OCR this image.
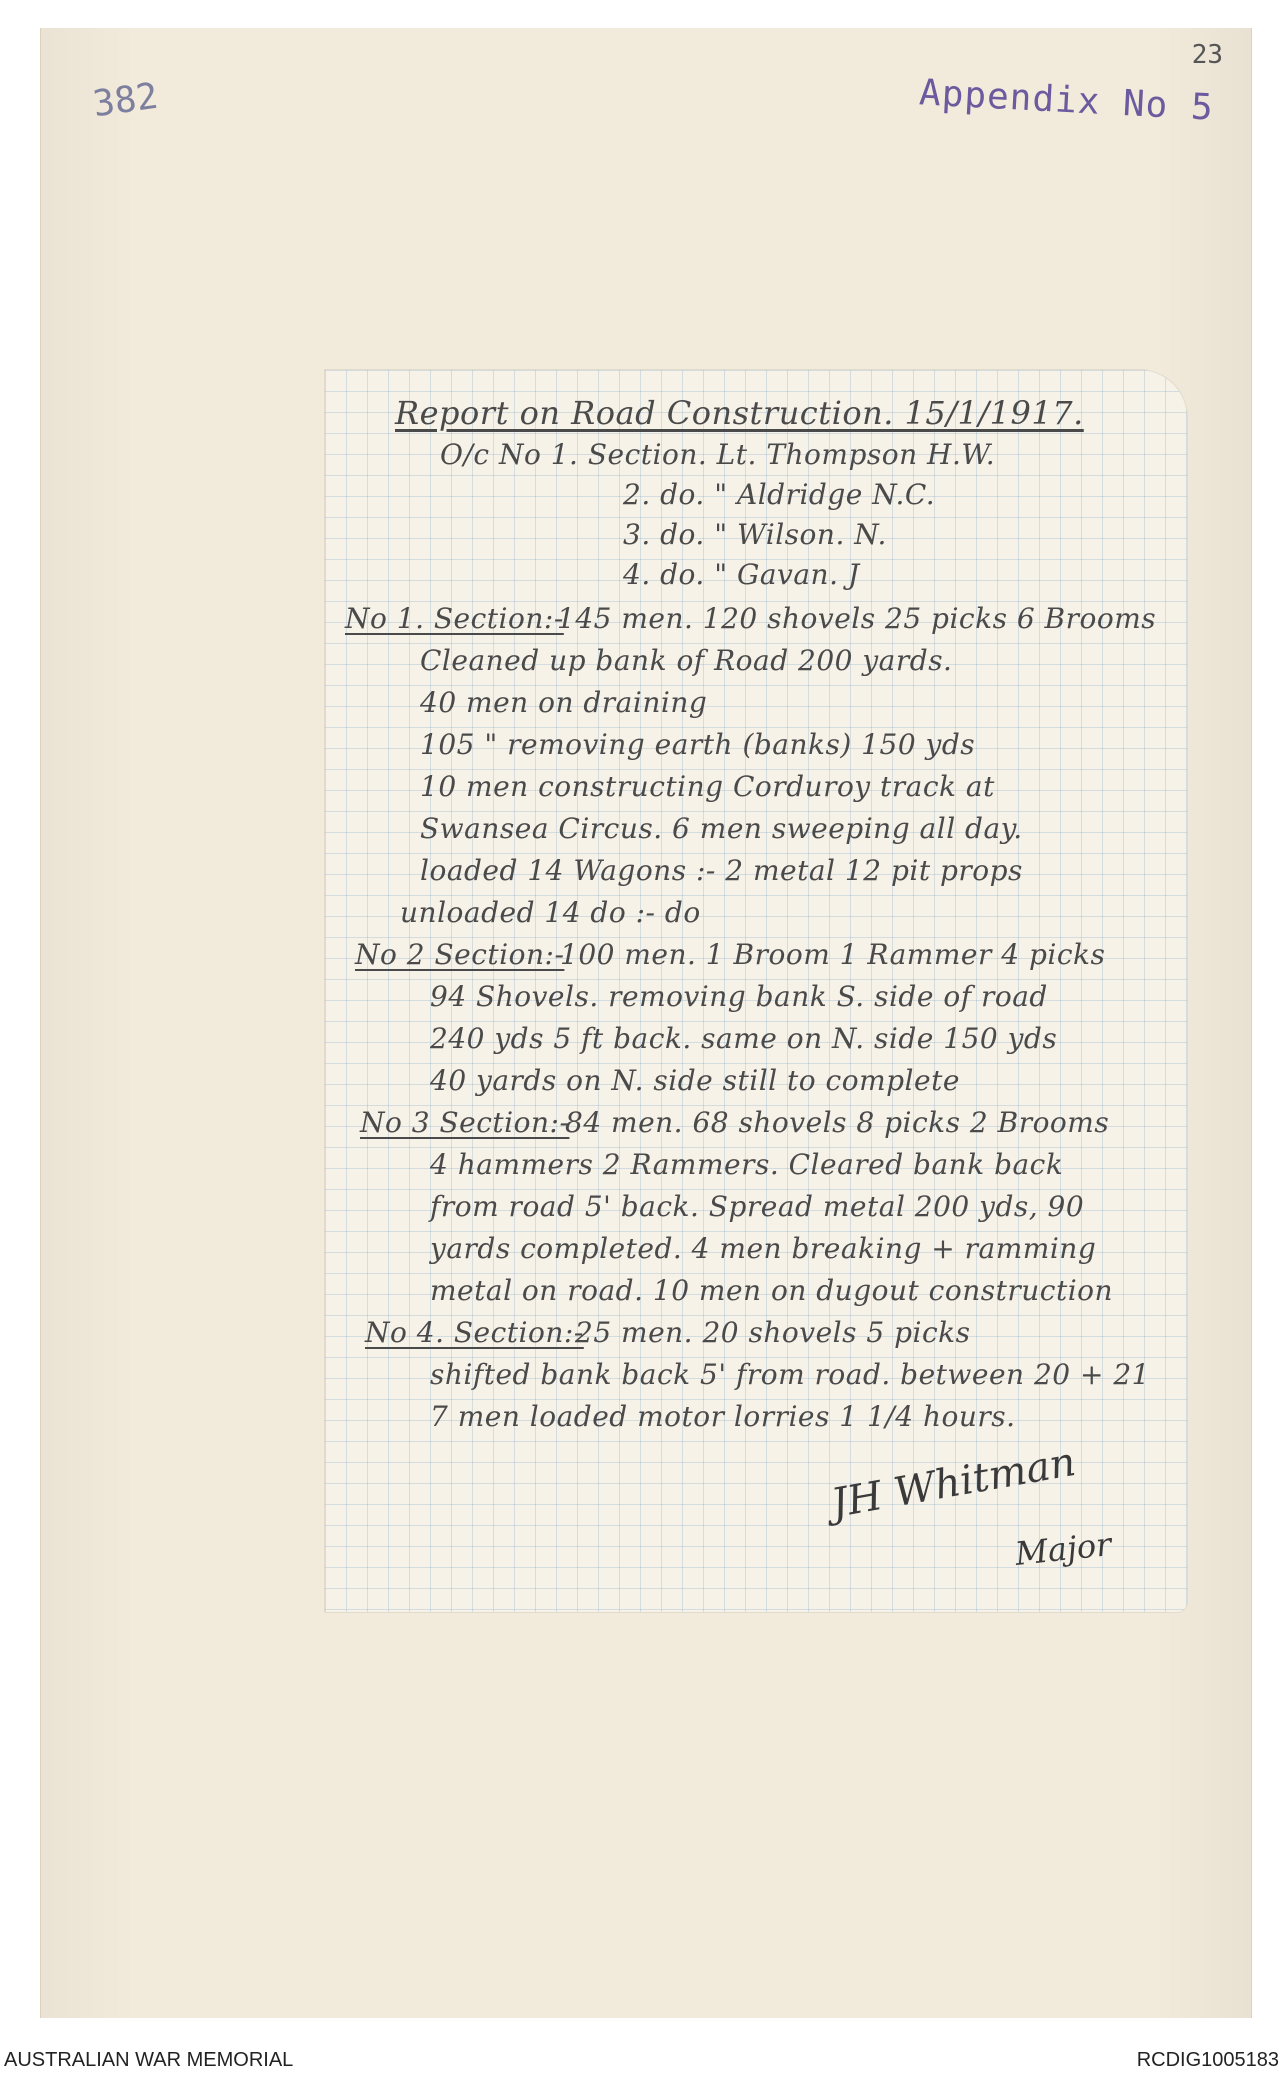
382
23
Appendix No 5
Report on Road Construction. 15/1/1917.
O/c No 1. Section. Lt. Thompson H.W.
2. do. " Aldridge N.C.
3. do. " Wilson. N.
4. do. " Gavan. J
No 1. Section:-
145 men. 120 shovels 25 picks 6 Brooms
Cleaned up bank of Road 200 yards.
40 men on draining
105 " removing earth (banks) 150 yds
10 men constructing Corduroy track at
Swansea Circus. 6 men sweeping all day.
loaded 14 Wagons :- 2 metal 12 pit props
unloaded 14 do :- do
No 2 Section:-
100 men. 1 Broom 1 Rammer 4 picks
94 Shovels. removing bank S. side of road
240 yds 5 ft back. same on N. side 150 yds
40 yards on N. side still to complete
No 3 Section:-
84 men. 68 shovels 8 picks 2 Brooms
4 hammers 2 Rammers. Cleared bank back
from road 5' back. Spread metal 200 yds, 90
yards completed. 4 men breaking + ramming
metal on road. 10 men on dugout construction
No 4. Section:-
25 men. 20 shovels 5 picks
shifted bank back 5' from road. between 20 + 21
7 men loaded motor lorries 1 1/4 hours.
JH Whitman
Major
AUSTRALIAN WAR MEMORIAL	RCDIG1005183
